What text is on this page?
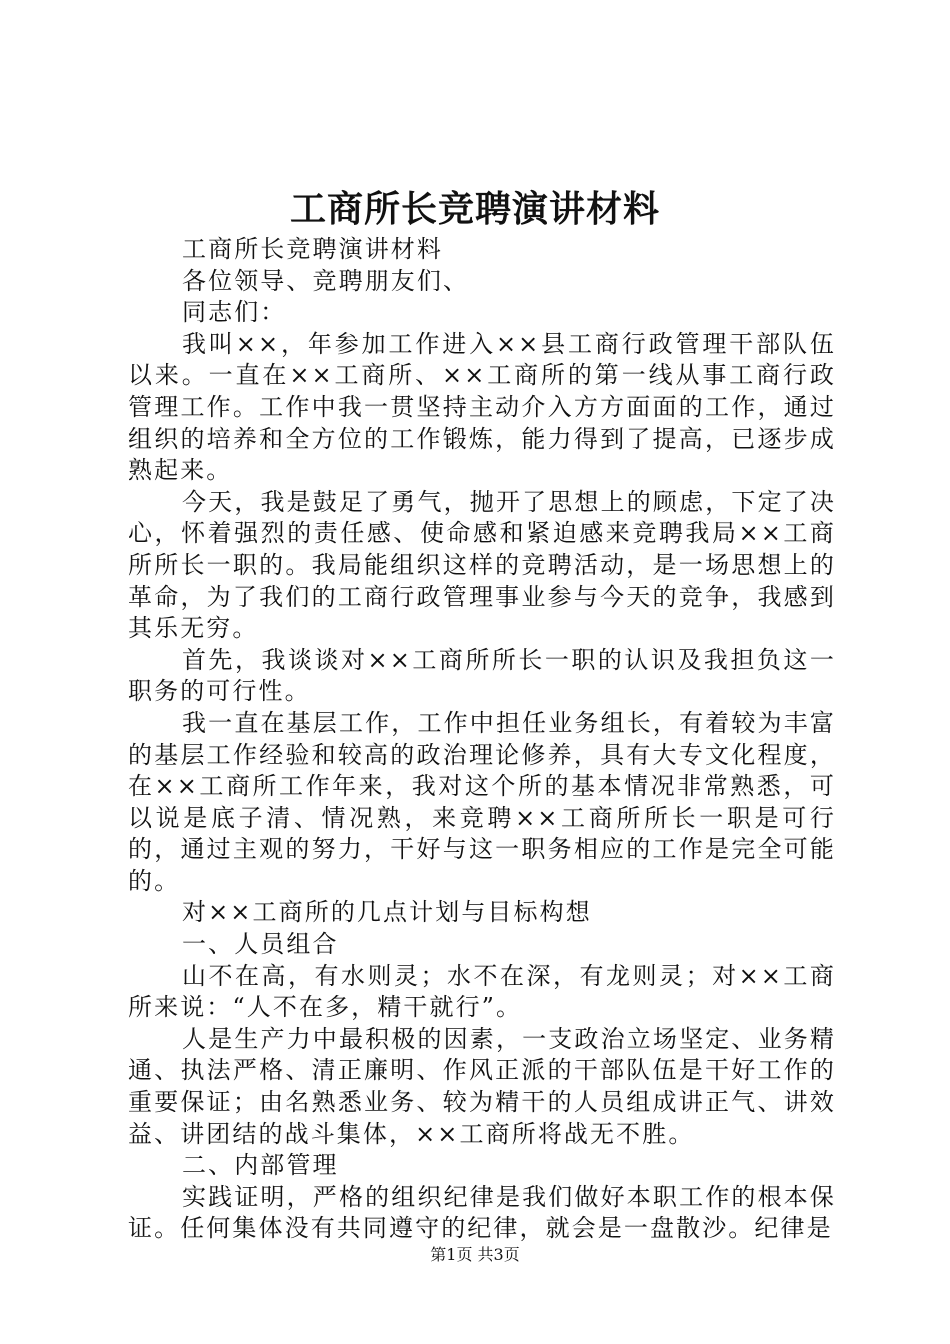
工商所长竞聘演讲材料

工商所长竞聘演讲材料

各位领导、竞聘朋友们、

同志们：

我叫××，年参加工作进入××县工商行政管理干部队伍以来。一直在××工商所、××工商所的第一线从事工商行政管理工作。工作中我一贯坚持主动介入方方面面的工作，通过组织的培养和全方位的工作锻炼，能力得到了提高，已逐步成熟起来。

今天，我是鼓足了勇气，抛开了思想上的顾虑，下定了决心，怀着强烈的责任感、使命感和紧迫感来竞聘我局××工商所所长一职的。我局能组织这样的竞聘活动，是一场思想上的革命，为了我们的工商行政管理事业参与今天的竞争，我感到其乐无穷。

首先，我谈谈对××工商所所长一职的认识及我担负这一职务的可行性。

我一直在基层工作，工作中担任业务组长，有着较为丰富的基层工作经验和较高的政治理论修养，具有大专文化程度，在××工商所工作年来，我对这个所的基本情况非常熟悉，可以说是底子清、情况熟，来竞聘××工商所所长一职是可行的，通过主观的努力，干好与这一职务相应的工作是完全可能的。

对××工商所的几点计划与目标构想

一、人员组合

山不在高，有水则灵；水不在深，有龙则灵；对××工商所来说：“人不在多，精干就行”。

人是生产力中最积极的因素，一支政治立场坚定、业务精通、执法严格、清正廉明、作风正派的干部队伍是干好工作的重要保证；由名熟悉业务、较为精干的人员组成讲正气、讲效益、讲团结的战斗集体，××工商所将战无不胜。

二、内部管理

实践证明，严格的组织纪律是我们做好本职工作的根本保证。任何集体没有共同遵守的纪律，就会是一盘散沙。纪律是

第1页 共3页
